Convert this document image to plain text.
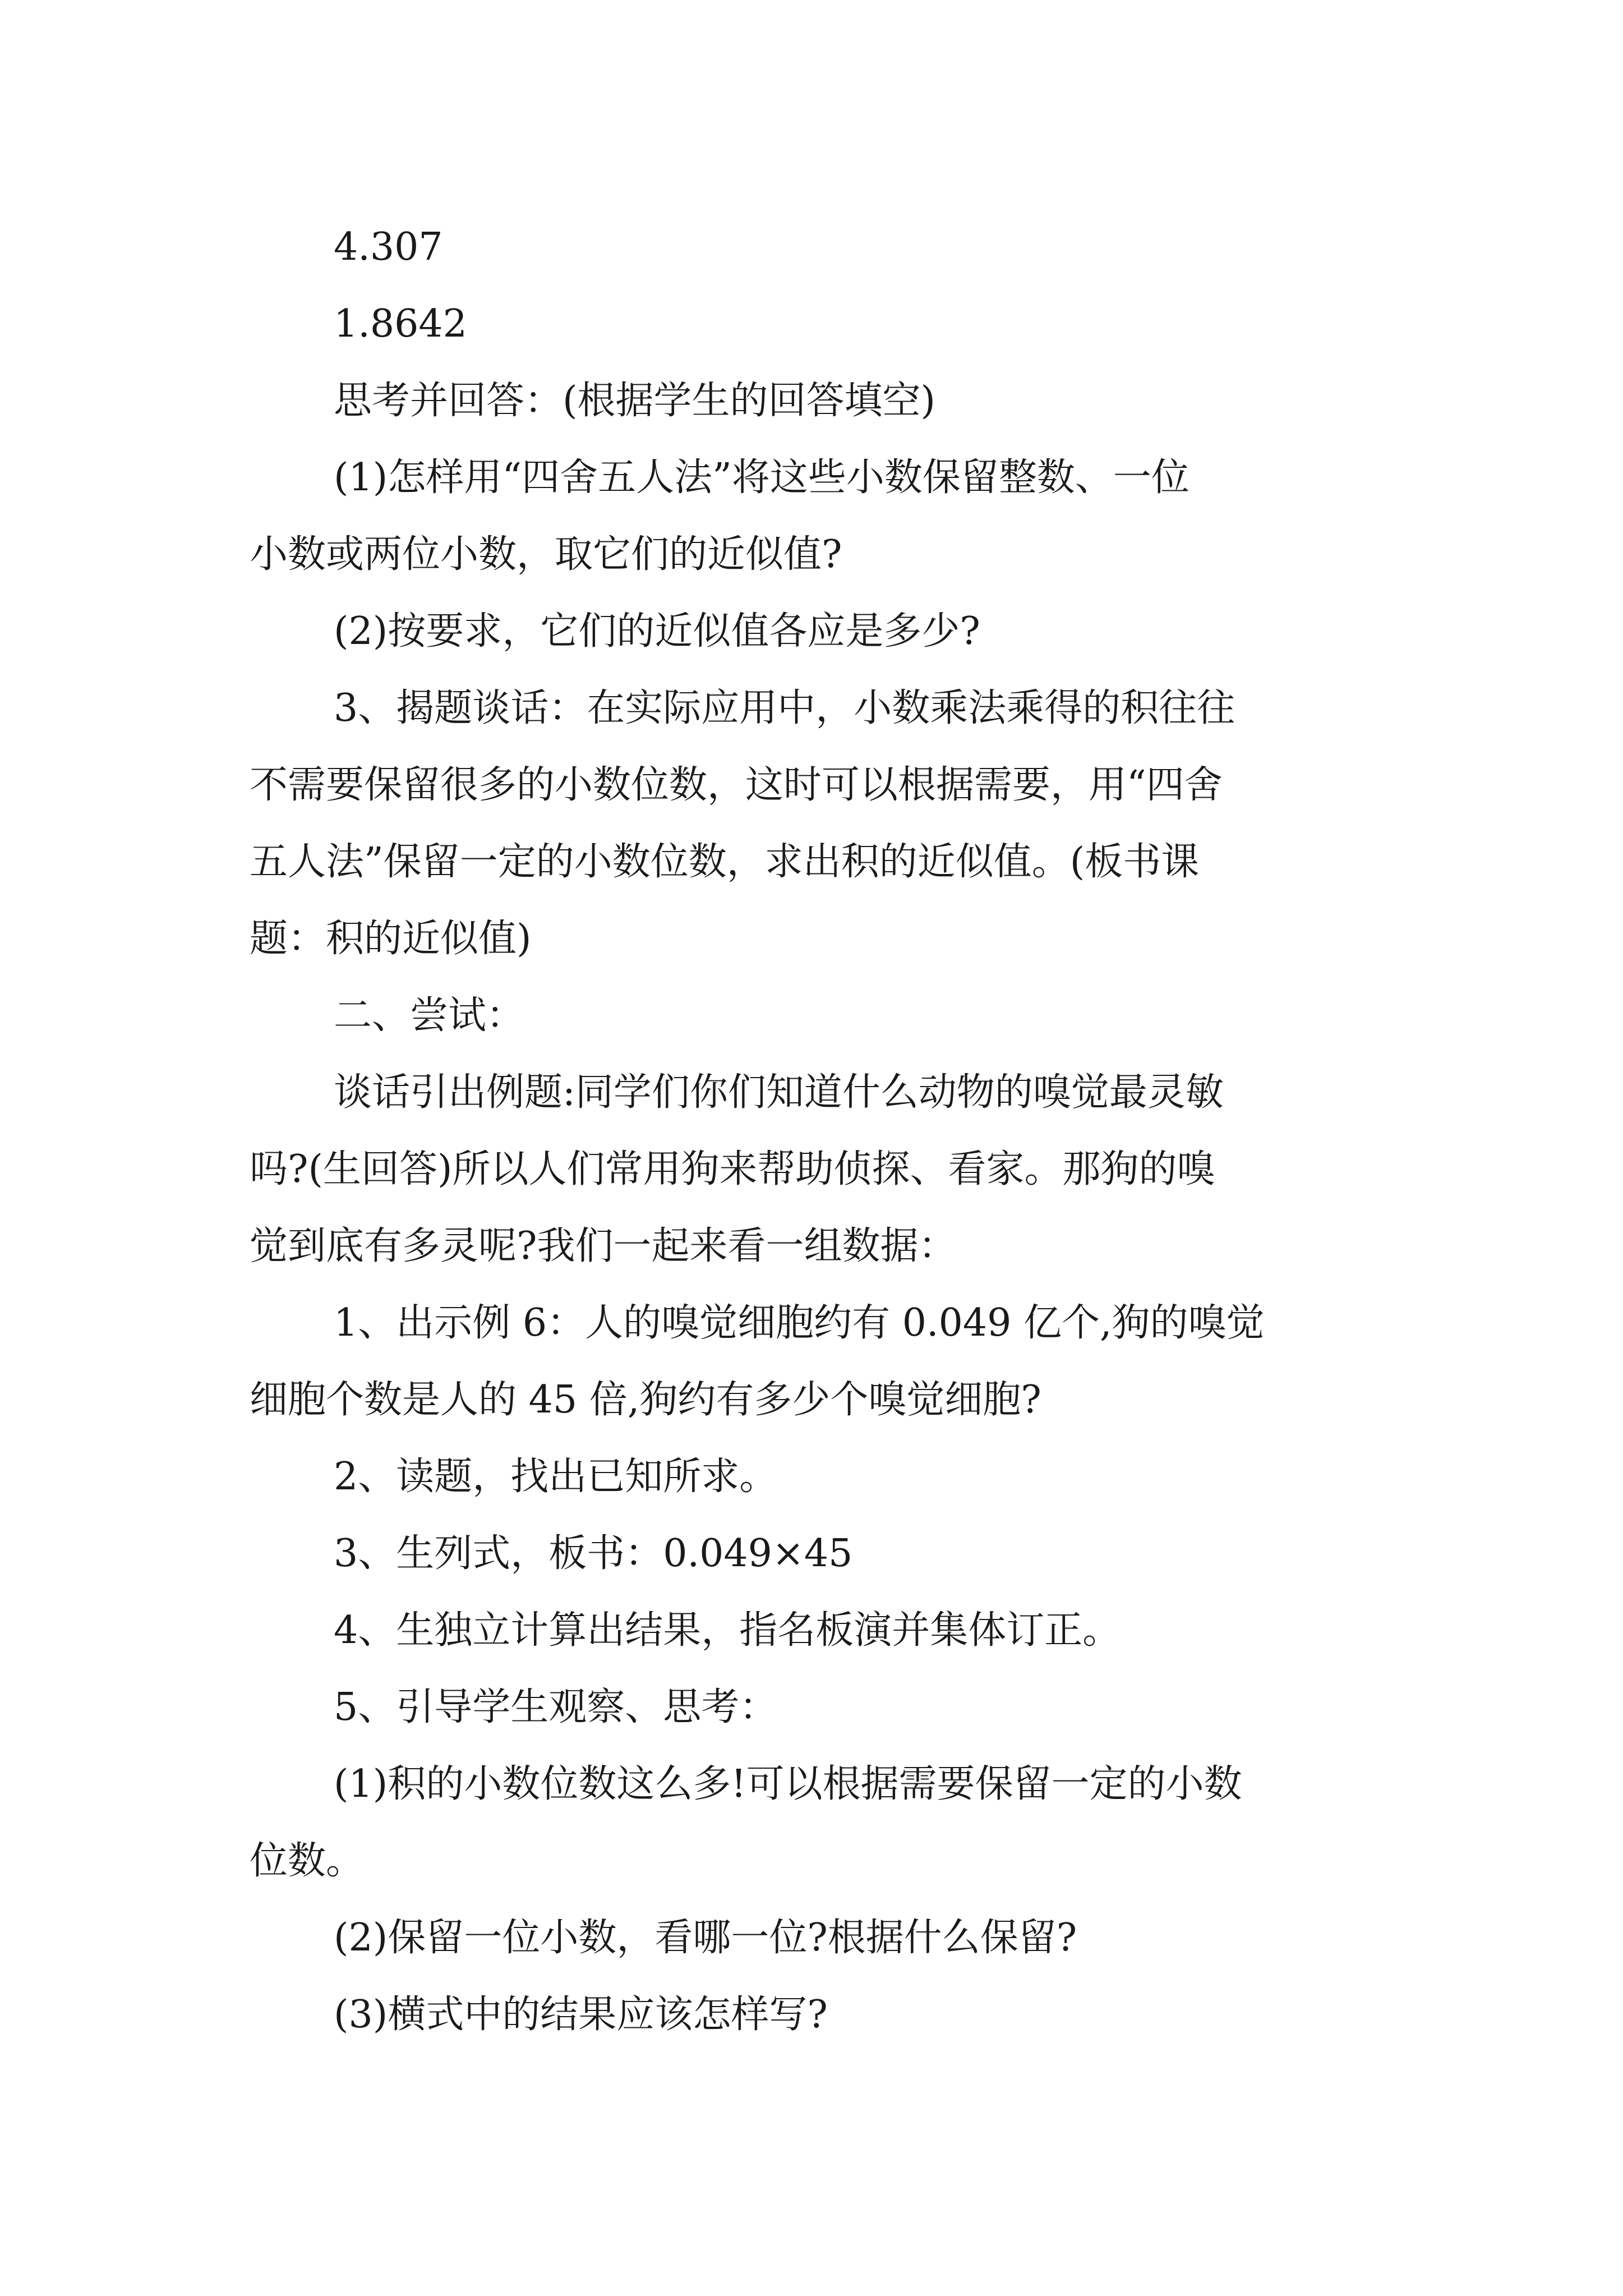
4.307

1.8642

思考并回答：(根据学生的回答填空)

(1)怎样用“四舍五人法”将这些小数保留整数、一位

小数或两位小数，取它们的近似值?

(2)按要求，它们的近似值各应是多少?

3、揭题谈话：在实际应用中，小数乘法乘得的积往往

不需要保留很多的小数位数，这时可以根据需要，用“四舍

五人法”保留一定的小数位数，求出积的近似值。(板书课

题：积的近似值)

二、尝试：

谈话引出例题:同学们你们知道什么动物的嗅觉最灵敏

吗?(生回答)所以人们常用狗来帮助侦探、看家。那狗的嗅

觉到底有多灵呢?我们一起来看一组数据：

1、出示例 6：人的嗅觉细胞约有 0.049 亿个,狗的嗅觉

细胞个数是人的 45 倍,狗约有多少个嗅觉细胞?

2、读题，找出已知所求。

3、生列式，板书：0.049×45

4、生独立计算出结果，指名板演并集体订正。

5、引导学生观察、思考：

(1)积的小数位数这么多!可以根据需要保留一定的小数

位数。

(2)保留一位小数，看哪一位?根据什么保留?

(3)横式中的结果应该怎样写?
